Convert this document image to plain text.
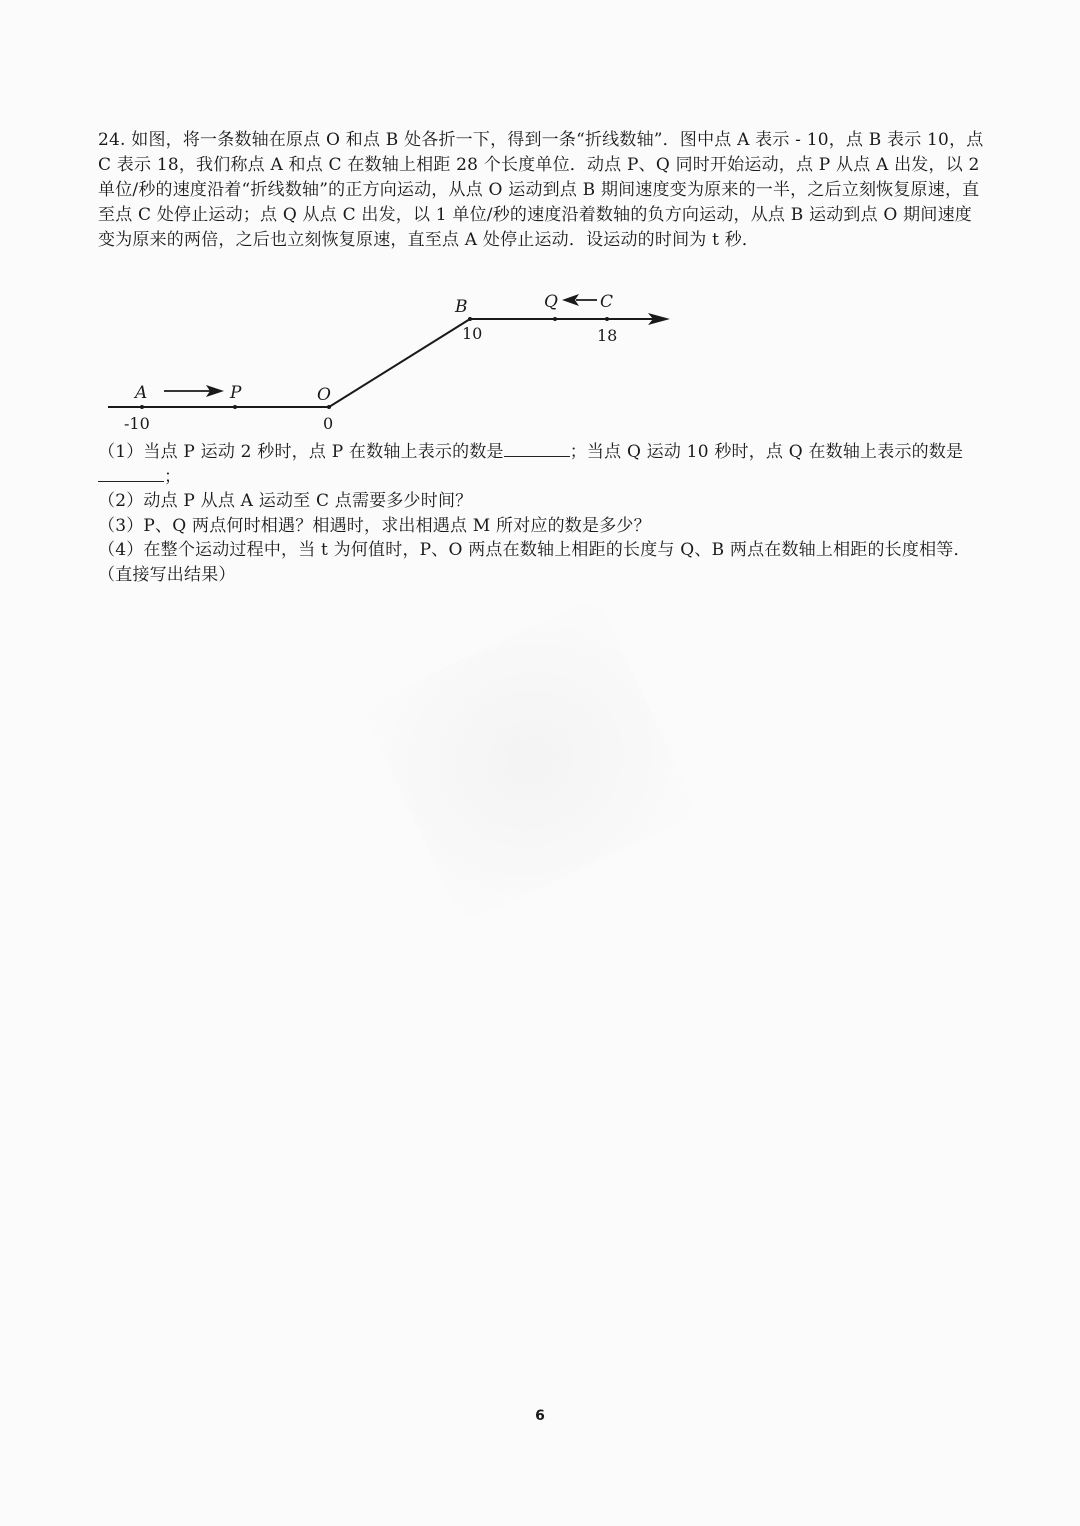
24. 如图，将一条数轴在原点 O 和点 B 处各折一下，得到一条“折线数轴”．图中点 A 表示 - 10，点 B 表示 10，点 C 表示 18，我们称点 A 和点 C 在数轴上相距 28 个长度单位．动点 P、Q 同时开始运动，点 P 从点 A 出发，以 2 单位/秒的速度沿着“折线数轴”的正方向运动，从点 O 运动到点 B 期间速度变为原来的一半，之后立刻恢复原速，直至点 C 处停止运动；点 Q 从点 C 出发，以 1 单位/秒的速度沿着数轴的负方向运动，从点 B 运动到点 O 期间速度变为原来的两倍，之后也立刻恢复原速，直至点 A 处停止运动．设运动的时间为 t 秒．

A	P	O
B	Q C
-10	0
10	18

（1）当点 P 运动 2 秒时，点 P 在数轴上表示的数是	；当点 Q 运动 10 秒时，点 Q 在数轴上表示的数是；

（2）动点 P 从点 A 运动至 C 点需要多少时间？

（3）P、Q 两点何时相遇？相遇时，求出相遇点 M 所对应的数是多少？

（4）在整个运动过程中，当 t 为何值时，P、O 两点在数轴上相距的长度与 Q、B 两点在数轴上相距的长度相等．（直接写出结果）

6
